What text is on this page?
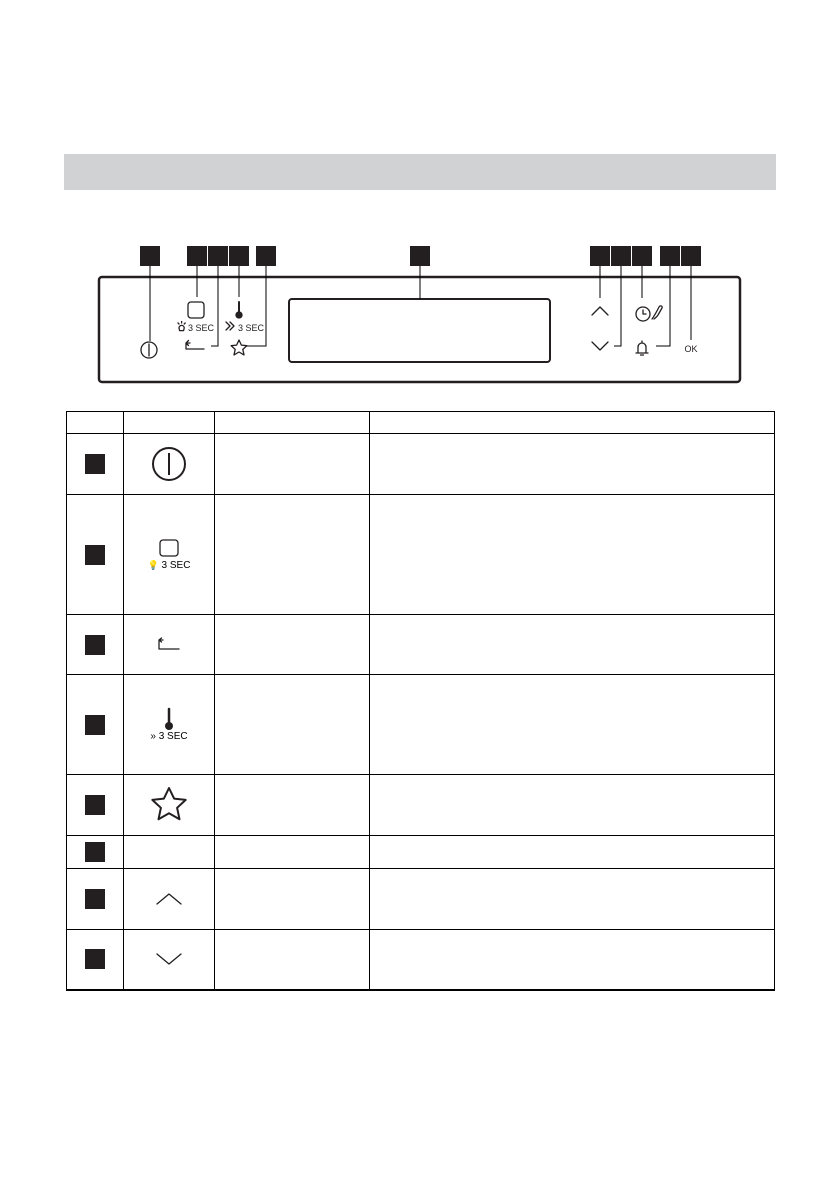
3 SEC	3 SEC
OK

	💡 3 SEC		

	» 3 SEC		
